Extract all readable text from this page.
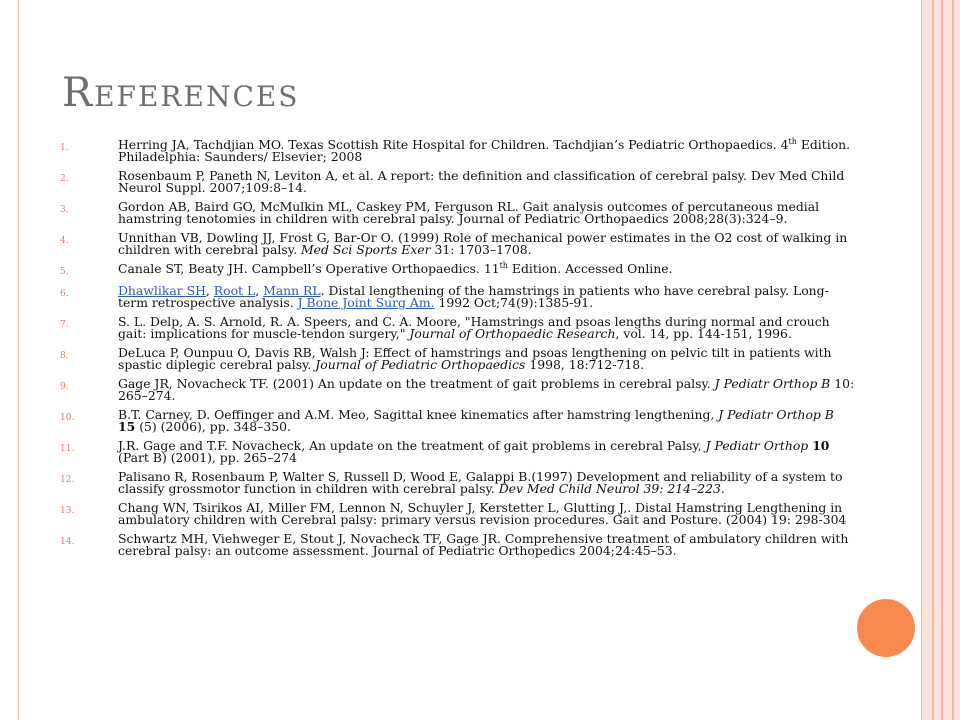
References
1.	Herring JA, Tachdjian MO. Texas Scottish Rite Hospital for Children. Tachdjian’s Pediatric Orthopaedics. 4th Edition. Philadelphia: Saunders/ Elsevier; 2008
2.	Rosenbaum P, Paneth N, Leviton A, et al. A report: the definition and classification of cerebral palsy. Dev Med Child Neurol Suppl. 2007;109:8–14.
3.	Gordon AB, Baird GO, McMulkin ML, Caskey PM, Ferguson RL. Gait analysis outcomes of percutaneous medial hamstring tenotomies in children with cerebral palsy. Journal of Pediatric Orthopaedics 2008;28(3):324–9.
4.	Unnithan VB, Dowling JJ, Frost G, Bar-Or O. (1999) Role of mechanical power estimates in the O2 cost of walking in children with cerebral palsy. Med Sci Sports Exer 31: 1703–1708.
5.	Canale ST, Beaty JH. Campbell’s Operative Orthopaedics. 11th Edition. Accessed Online.
6.	Dhawlikar SH, Root L, Mann RL. Distal lengthening of the hamstrings in patients who have cerebral palsy. Long-term retrospective analysis. J Bone Joint Surg Am. 1992 Oct;74(9):1385-91.
7.	S. L. Delp, A. S. Arnold, R. A. Speers, and C. A. Moore, "Hamstrings and psoas lengths during normal and crouch gait: implications for muscle-tendon surgery," Journal of Orthopaedic Research, vol. 14, pp. 144-151, 1996.
8.	DeLuca P, Ounpuu O, Davis RB, Walsh J: Effect of hamstrings and psoas lengthening on pelvic tilt in patients with spastic diplegic cerebral palsy. Journal of Pediatric Orthopaedics 1998, 18:712-718.
9.	Gage JR, Novacheck TF. (2001) An update on the treatment of gait problems in cerebral palsy. J Pediatr Orthop B 10: 265–274.
10.	B.T. Carney, D. Oeffinger and A.M. Meo, Sagittal knee kinematics after hamstring lengthening, J Pediatr Orthop B 15 (5) (2006), pp. 348–350.
11.	J.R. Gage and T.F. Novacheck, An update on the treatment of gait problems in cerebral Palsy, J Pediatr Orthop 10 (Part B) (2001), pp. 265–274
12.	Palisano R, Rosenbaum P, Walter S, Russell D, Wood E, Galappi B.(1997) Development and reliability of a system to classify grossmotor function in children with cerebral palsy. Dev Med Child Neurol 39: 214–223.
13.	Chang WN, Tsirikos AI, Miller FM, Lennon N, Schuyler J, Kerstetter L, Glutting J,. Distal Hamstring Lengthening in ambulatory children with Cerebral palsy: primary versus revision procedures. Gait and Posture. (2004) 19: 298-304
14.	Schwartz MH, Viehweger E, Stout J, Novacheck TF, Gage JR. Comprehensive treatment of ambulatory children with cerebral palsy: an outcome assessment. Journal of Pediatric Orthopedics 2004;24:45–53.
